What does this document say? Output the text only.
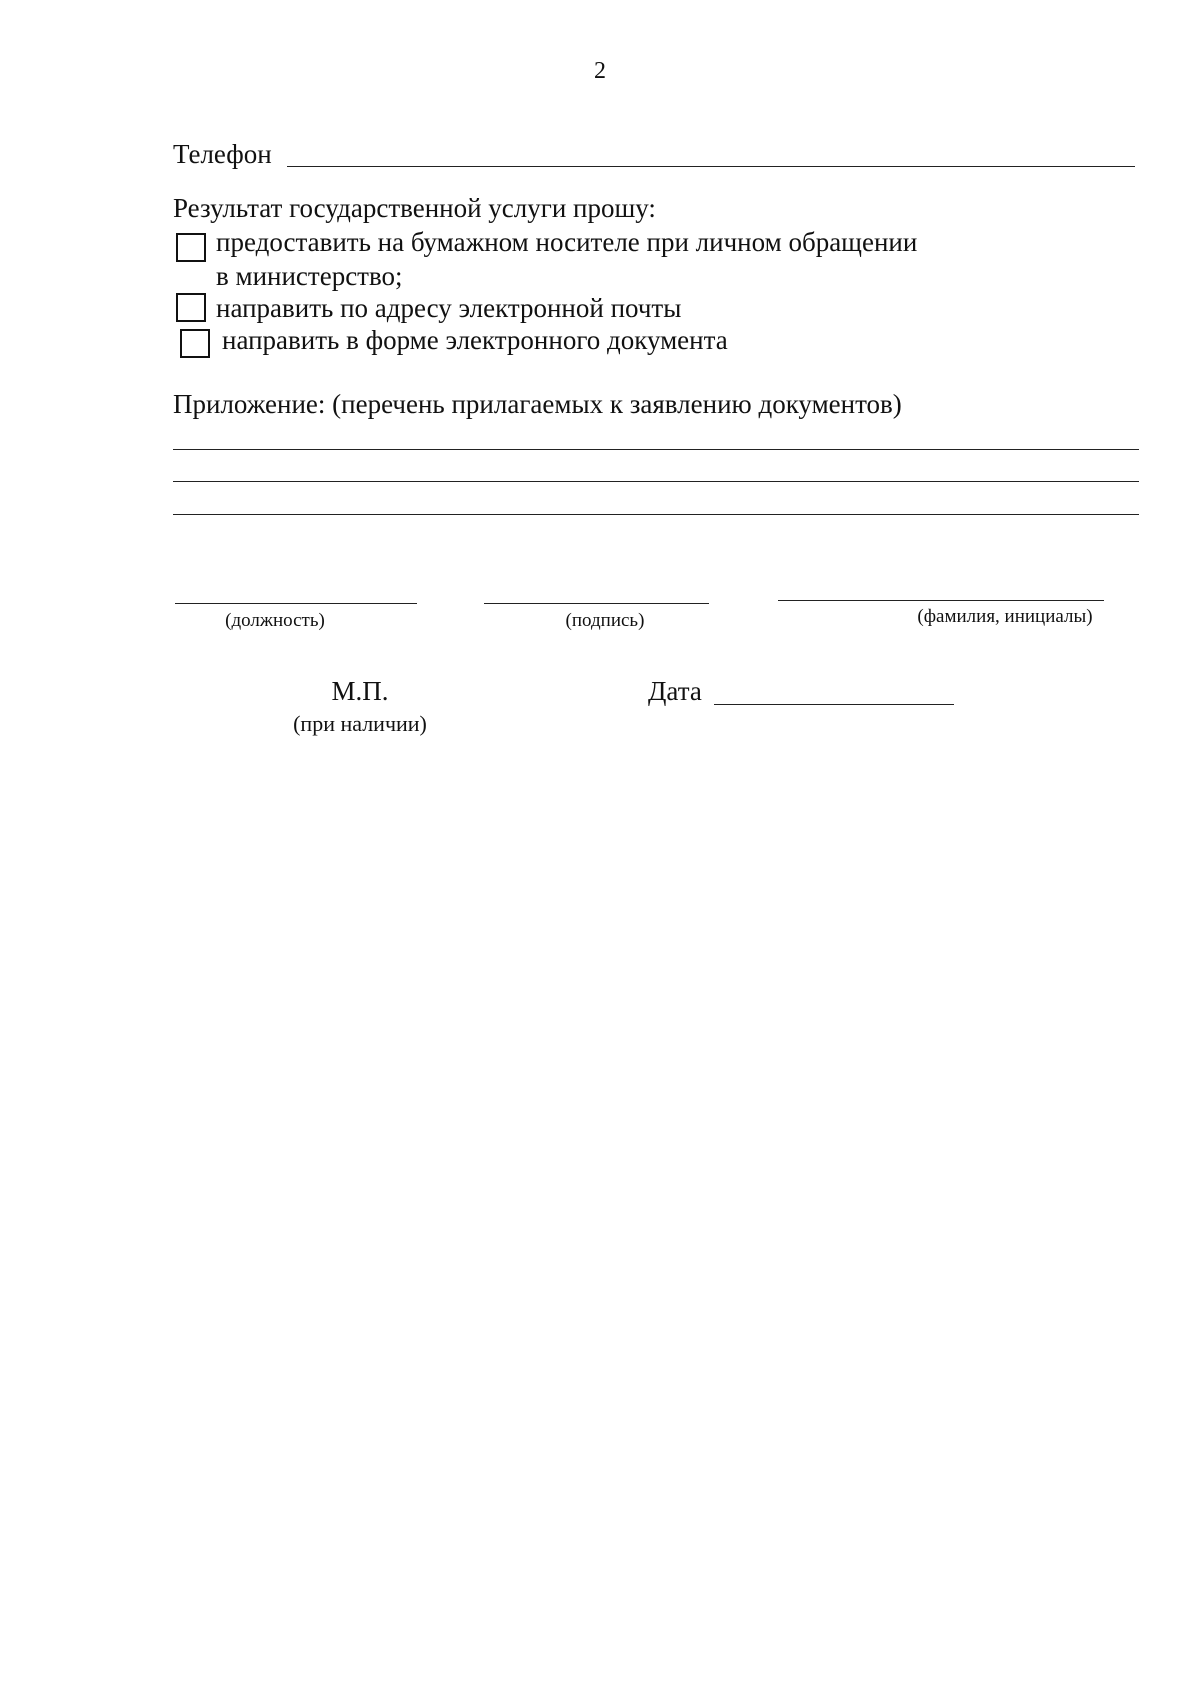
2
Телефон
Результат государственной услуги прошу:
предоставить на бумажном носителе при личном обращении
в министерство;
направить по адресу электронной почты
направить в форме электронного документа
Приложение: (перечень прилагаемых к заявлению документов)
(должность)	(подпись)	(фамилия, инициалы)
М.П.
(при наличии)
Дата
